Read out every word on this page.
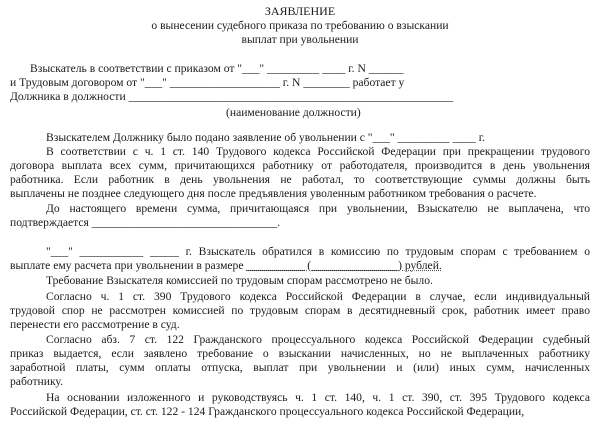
ЗАЯВЛЕНИЕ

о вынесении судебного приказа по требованию о взыскании

выплат при увольнении

Взыскатель в соответствии с приказом от "___" _________ ____ г. N ______

и Трудовым договором от "___" ___________________ г. N ________ работает у

Должника в должности ________________________________________________________

(наименование должности)

Взыскателем Должнику было подано заявление об увольнении с "___" _________ ____ г.

В соответствии с ч. 1 ст. 140 Трудового кодекса Российской Федерации при прекращении трудового

договора выплата всех сумм, причитающихся работнику от работодателя, производится в день увольнения

работника. Если работник в день увольнения не работал, то соответствующие суммы должны быть

выплачены не позднее следующего дня после предъявления уволенным работником требования о расчете.

До настоящего времени сумма, причитающаяся при увольнении, Взыскателю не выплачена, что

подтверждается ________________________________.

"___" ___________ _____ г. Взыскатель обратился в комиссию по трудовым спорам с требованием о

выплате ему расчета при увольнении в размере __________ (_______________) рублей.

Требование Взыскателя комиссией по трудовым спорам рассмотрено не было.

Согласно ч. 1 ст. 390 Трудового кодекса Российской Федерации в случае, если индивидуальный

трудовой спор не рассмотрен комиссией по трудовым спорам в десятидневный срок, работник имеет право

перенести его рассмотрение в суд.

Согласно абз. 7 ст. 122 Гражданского процессуального кодекса Российской Федерации судебный

приказ выдается, если заявлено требование о взыскании начисленных, но не выплаченных работнику

заработной платы, сумм оплаты отпуска, выплат при увольнении и (или) иных сумм, начисленных

работнику.

На основании изложенного и руководствуясь ч. 1 ст. 140, ч. 1 ст. 390, ст. 395 Трудового кодекса

Российской Федерации, ст. ст. 122 - 124 Гражданского процессуального кодекса Российской Федерации,
